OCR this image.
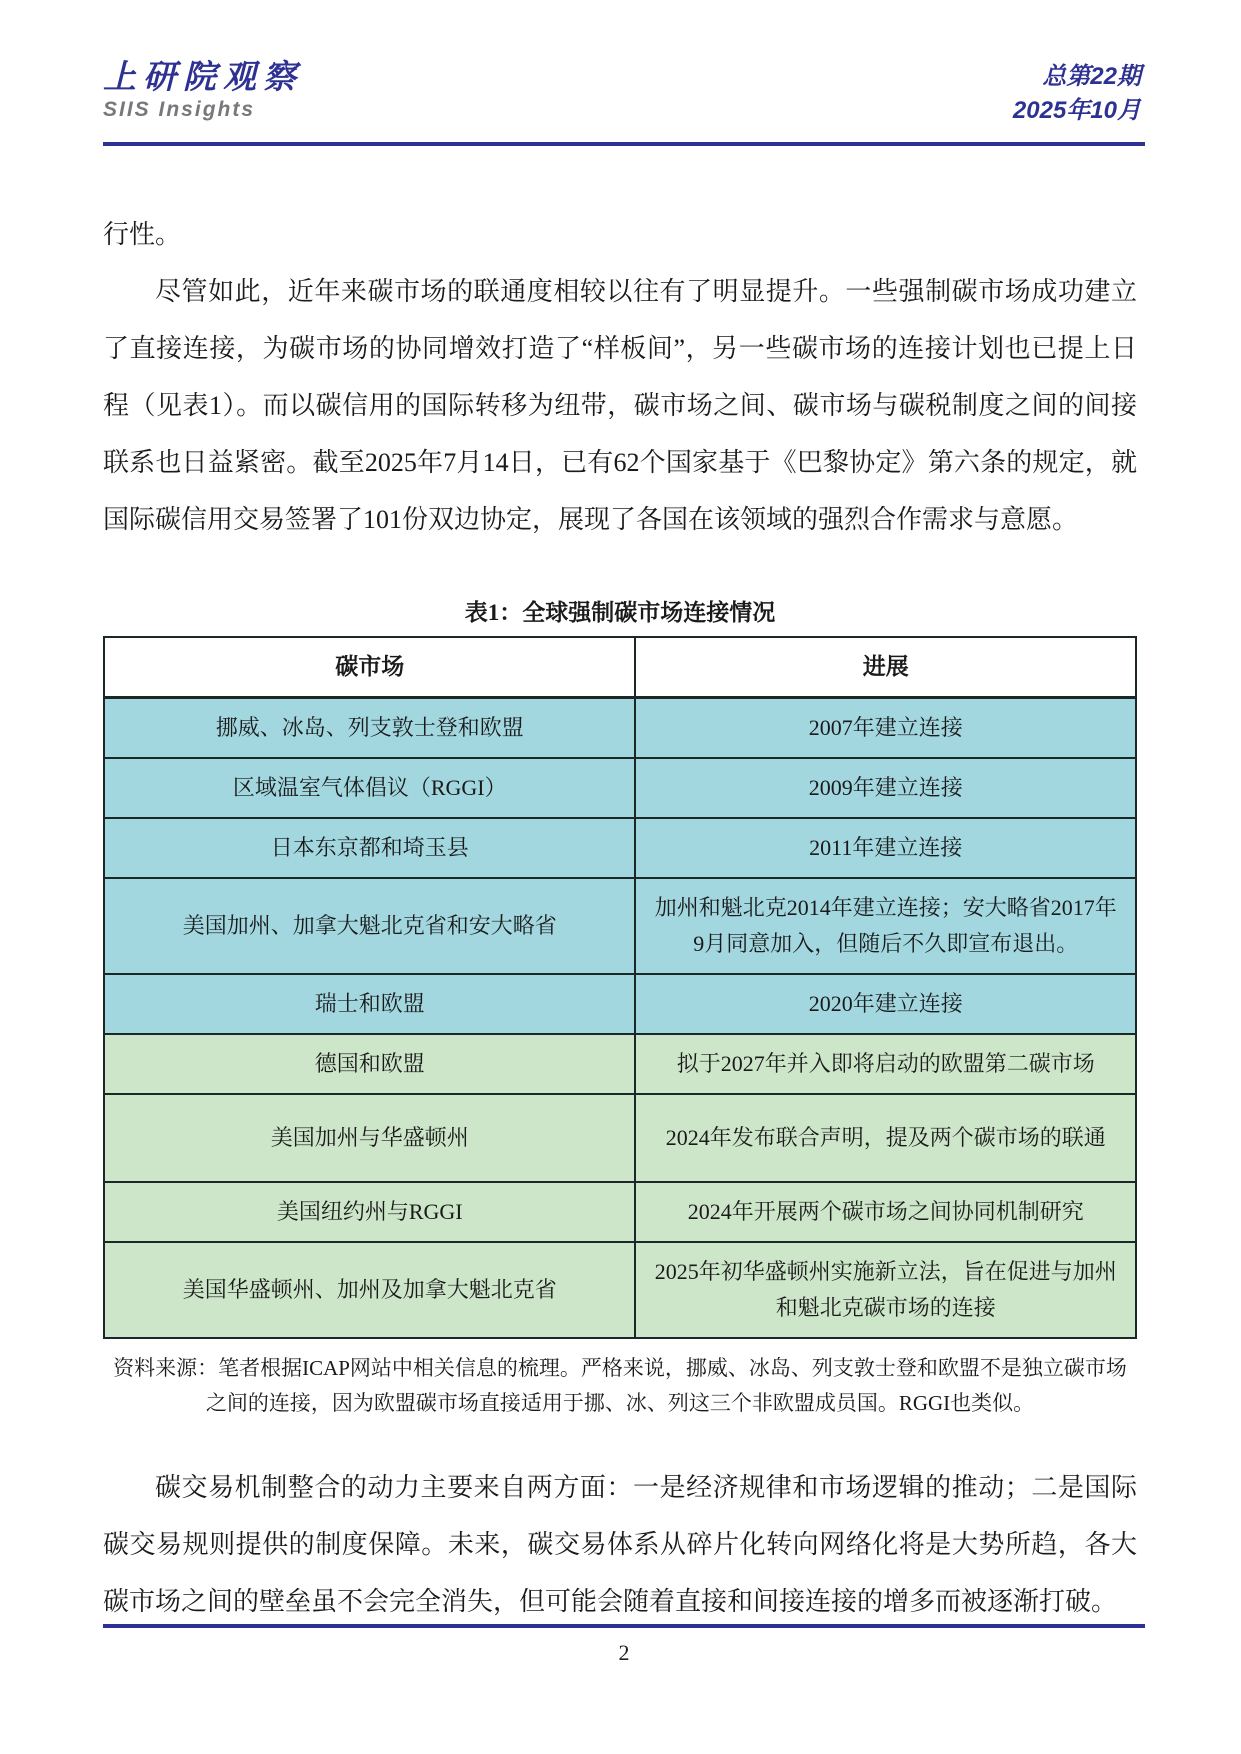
上研院观察
SIIS Insights
总第22期
2025年10月

行性。

尽管如此，近年来碳市场的联通度相较以往有了明显提升。一些强制碳市场成功建立了直接连接，为碳市场的协同增效打造了“样板间”，另一些碳市场的连接计划也已提上日程（见表1）。而以碳信用的国际转移为纽带，碳市场之间、碳市场与碳税制度之间的间接联系也日益紧密。截至2025年7月14日，已有62个国家基于《巴黎协定》第六条的规定，就国际碳信用交易签署了101份双边协定，展现了各国在该领域的强烈合作需求与意愿。

表1：全球强制碳市场连接情况
碳市场	进展
挪威、冰岛、列支敦士登和欧盟	2007年建立连接
区域温室气体倡议（RGGI）	2009年建立连接
日本东京都和埼玉县	2011年建立连接
美国加州、加拿大魁北克省和安大略省	加州和魁北克2014年建立连接；安大略省2017年9月同意加入，但随后不久即宣布退出。
瑞士和欧盟	2020年建立连接
德国和欧盟	拟于2027年并入即将启动的欧盟第二碳市场
美国加州与华盛顿州	2024年发布联合声明，提及两个碳市场的联通
美国纽约州与RGGI	2024年开展两个碳市场之间协同机制研究
美国华盛顿州、加州及加拿大魁北克省	2025年初华盛顿州实施新立法，旨在促进与加州和魁北克碳市场的连接
资料来源：笔者根据ICAP网站中相关信息的梳理。严格来说，挪威、冰岛、列支敦士登和欧盟不是独立碳市场之间的连接，因为欧盟碳市场直接适用于挪、冰、列这三个非欧盟成员国。RGGI也类似。

碳交易机制整合的动力主要来自两方面：一是经济规律和市场逻辑的推动；二是国际碳交易规则提供的制度保障。未来，碳交易体系从碎片化转向网络化将是大势所趋，各大碳市场之间的壁垒虽不会完全消失，但可能会随着直接和间接连接的增多而被逐渐打破。

2
